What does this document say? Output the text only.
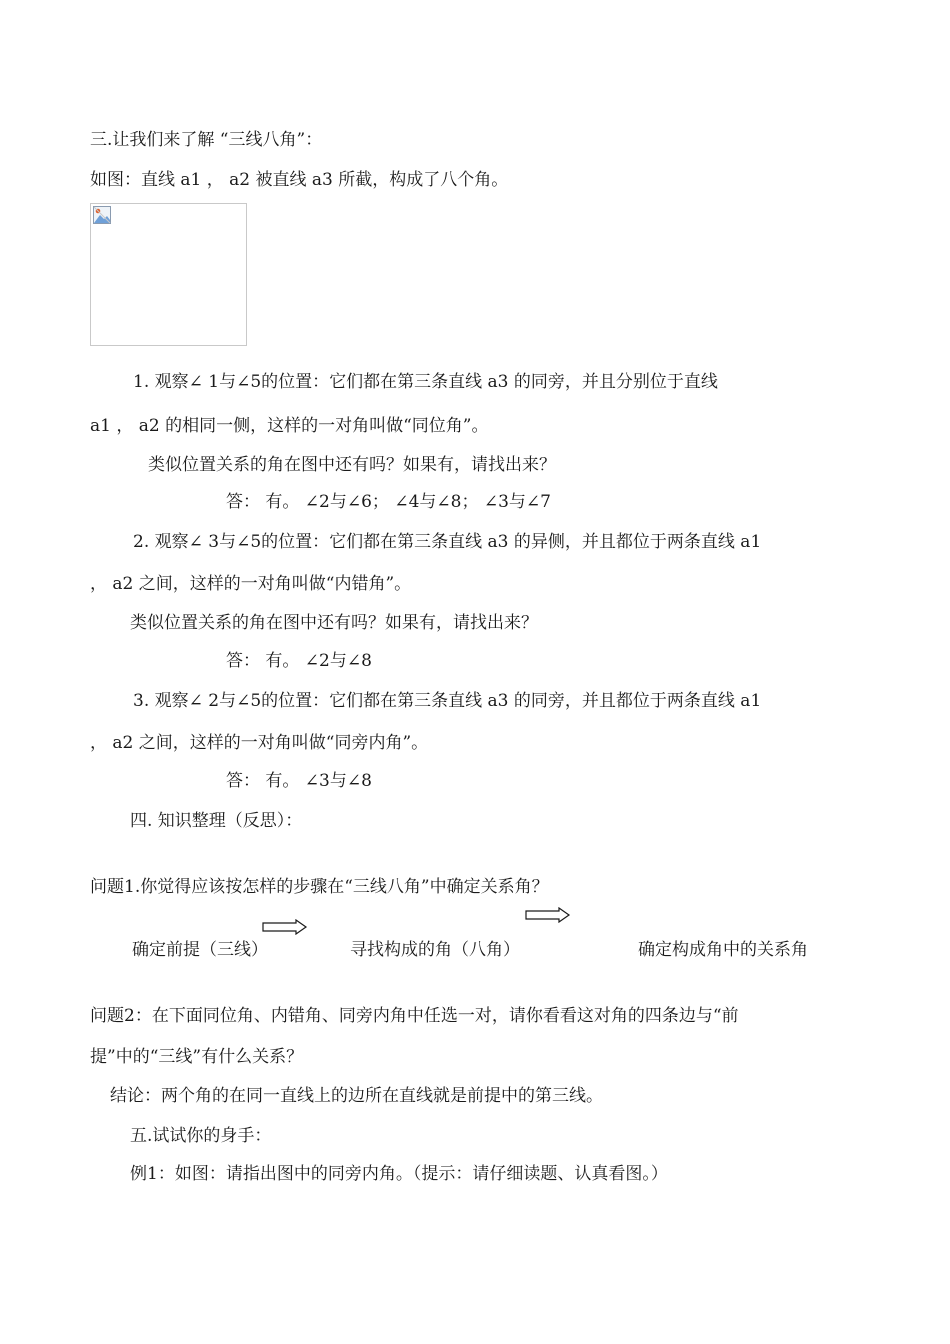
三.让我们来了解 “三线八角”：
如图：直线 a1 ， a2 被直线 a3 所截，构成了八个角。
1. 观察∠ 1与∠5的位置：它们都在第三条直线 a3 的同旁，并且分别位于直线
a1 ， a2 的相同一侧，这样的一对角叫做“同位角”。
类似位置关系的角在图中还有吗？如果有，请找出来？
答： 有。 ∠2与∠6； ∠4与∠8； ∠3与∠7
2. 观察∠ 3与∠5的位置：它们都在第三条直线 a3 的异侧，并且都位于两条直线 a1
， a2 之间，这样的一对角叫做“内错角”。
类似位置关系的角在图中还有吗？如果有，请找出来？
答： 有。 ∠2与∠8
3. 观察∠ 2与∠5的位置：它们都在第三条直线 a3 的同旁，并且都位于两条直线 a1
， a2 之间，这样的一对角叫做“同旁内角”。
答： 有。 ∠3与∠8
四. 知识整理（反思）：
问题1.你觉得应该按怎样的步骤在“三线八角”中确定关系角？
确定前提（三线）	寻找构成的角（八角）	确定构成角中的关系角
问题2：在下面同位角、内错角、同旁内角中任选一对，请你看看这对角的四条边与“前
提”中的“三线”有什么关系？
结论：两个角的在同一直线上的边所在直线就是前提中的第三线。
五.试试你的身手：
例1：如图：请指出图中的同旁内角。（提示：请仔细读题、认真看图。）
